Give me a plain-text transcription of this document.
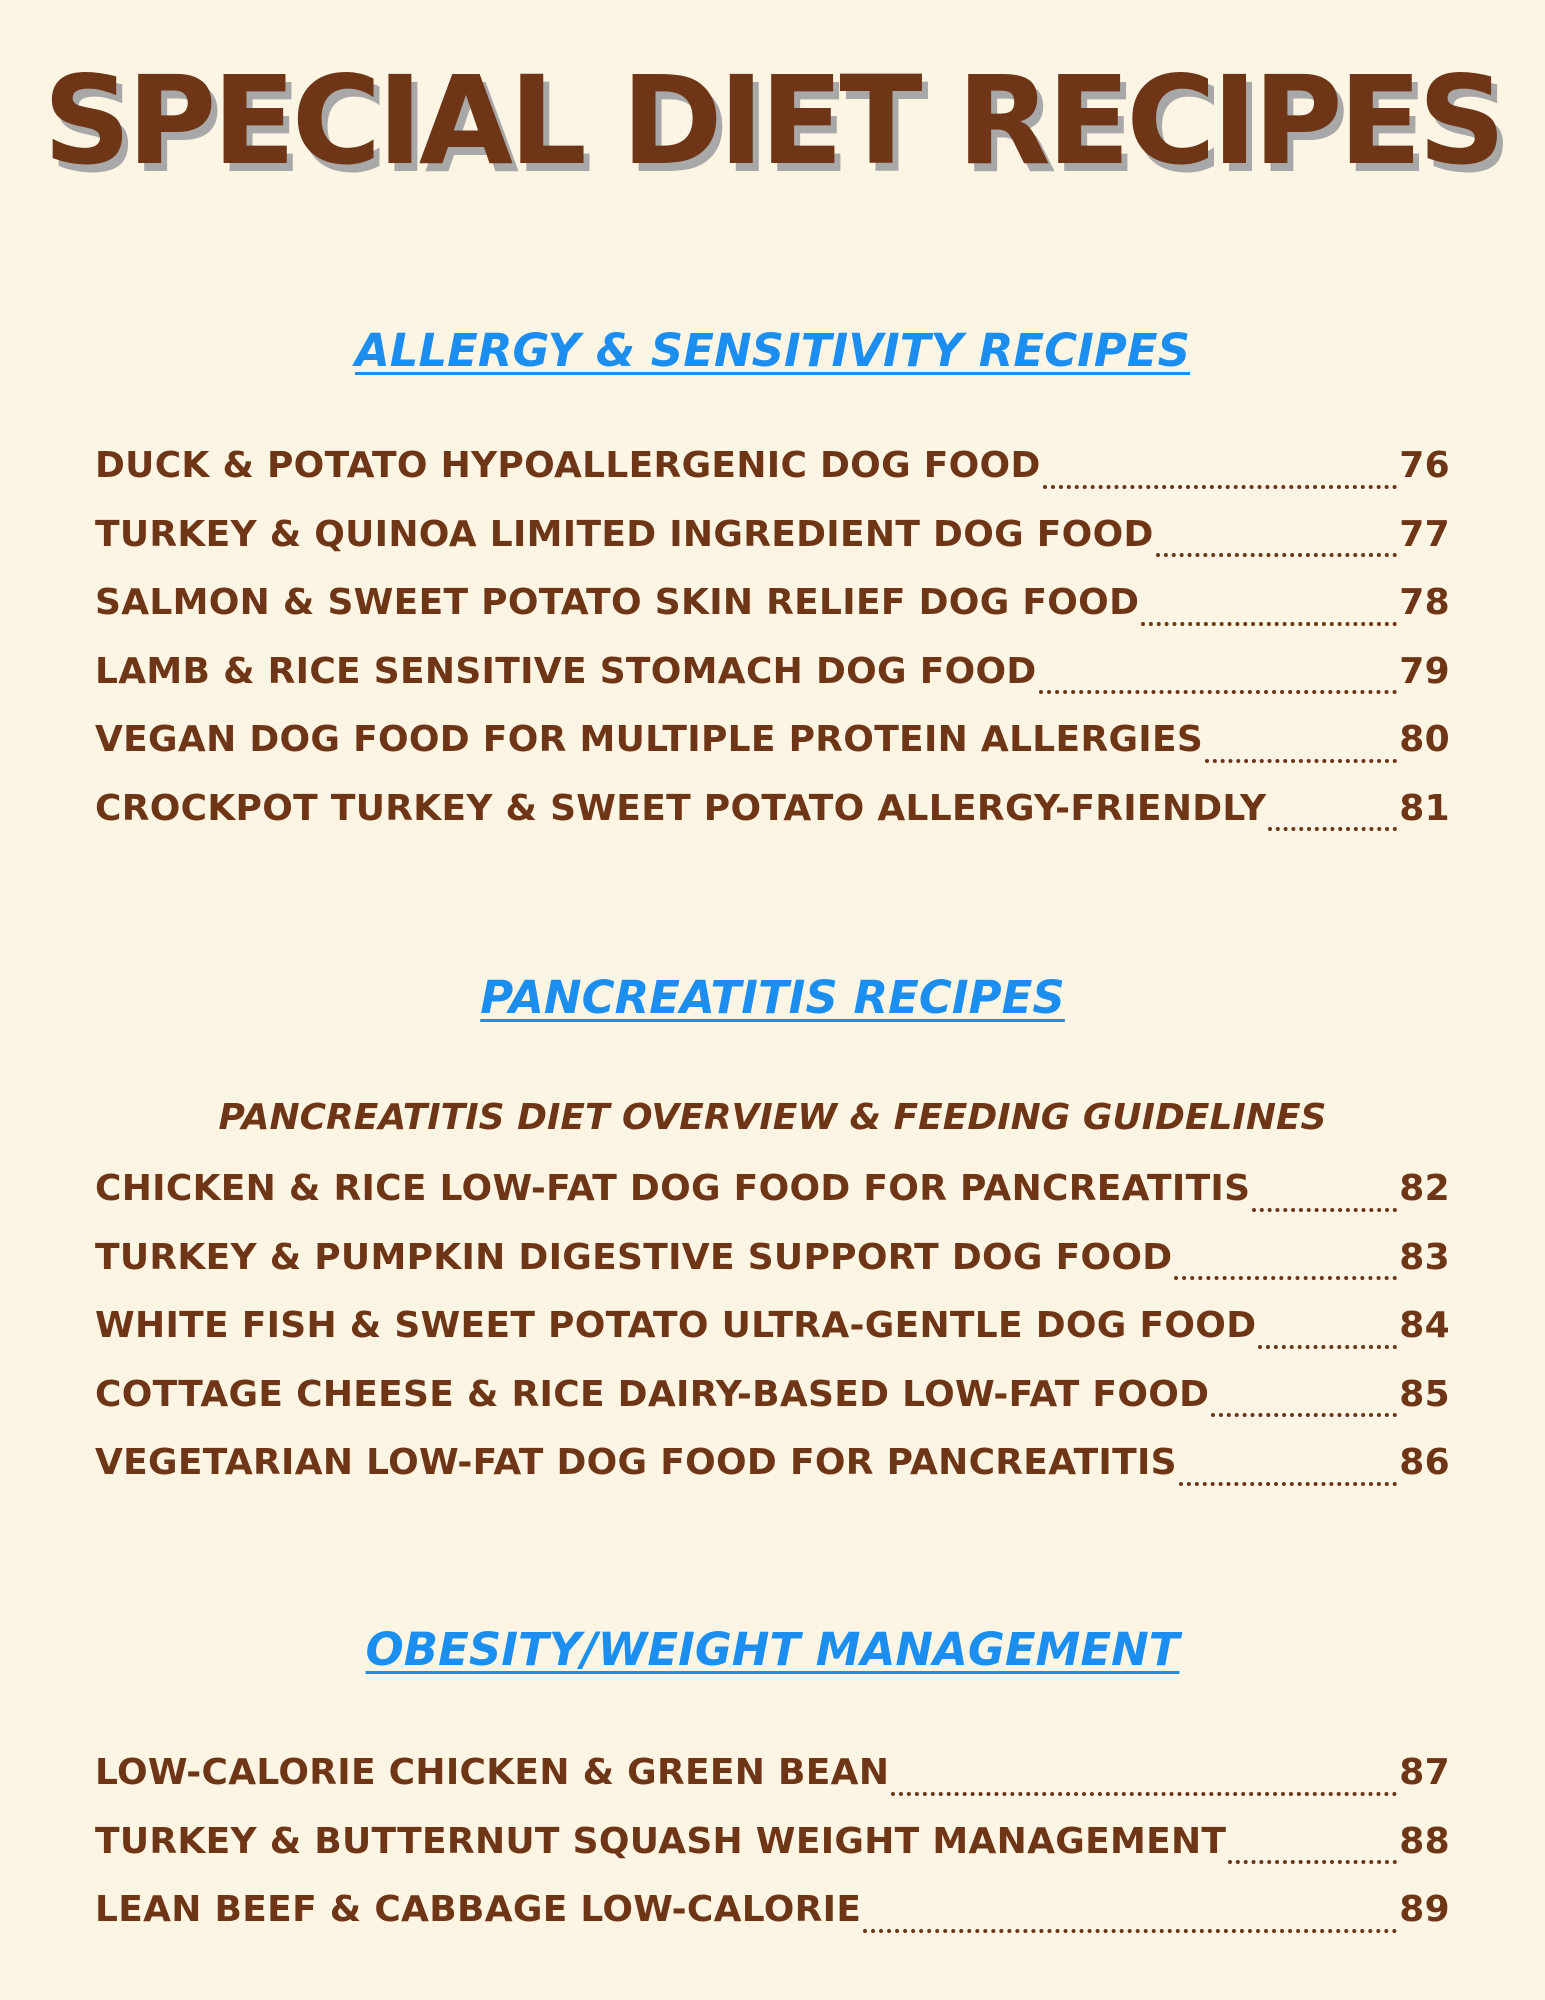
SPECIAL DIET RECIPES
ALLERGY & SENSITIVITY RECIPES
DUCK & POTATO HYPOALLERGENIC DOG FOOD	76
TURKEY & QUINOA LIMITED INGREDIENT DOG FOOD	77
SALMON & SWEET POTATO SKIN RELIEF DOG FOOD	78
LAMB & RICE SENSITIVE STOMACH DOG FOOD	79
VEGAN DOG FOOD FOR MULTIPLE PROTEIN ALLERGIES	80
CROCKPOT TURKEY & SWEET POTATO ALLERGY-FRIENDLY	81
PANCREATITIS RECIPES
PANCREATITIS DIET OVERVIEW & FEEDING GUIDELINES
CHICKEN & RICE LOW-FAT DOG FOOD FOR PANCREATITIS	82
TURKEY & PUMPKIN DIGESTIVE SUPPORT DOG FOOD	83
WHITE FISH & SWEET POTATO ULTRA-GENTLE DOG FOOD	84
COTTAGE CHEESE & RICE DAIRY-BASED LOW-FAT FOOD	85
VEGETARIAN LOW-FAT DOG FOOD FOR PANCREATITIS	86
OBESITY/WEIGHT MANAGEMENT
LOW-CALORIE CHICKEN & GREEN BEAN	87
TURKEY & BUTTERNUT SQUASH WEIGHT MANAGEMENT	88
LEAN BEEF & CABBAGE LOW-CALORIE	89
